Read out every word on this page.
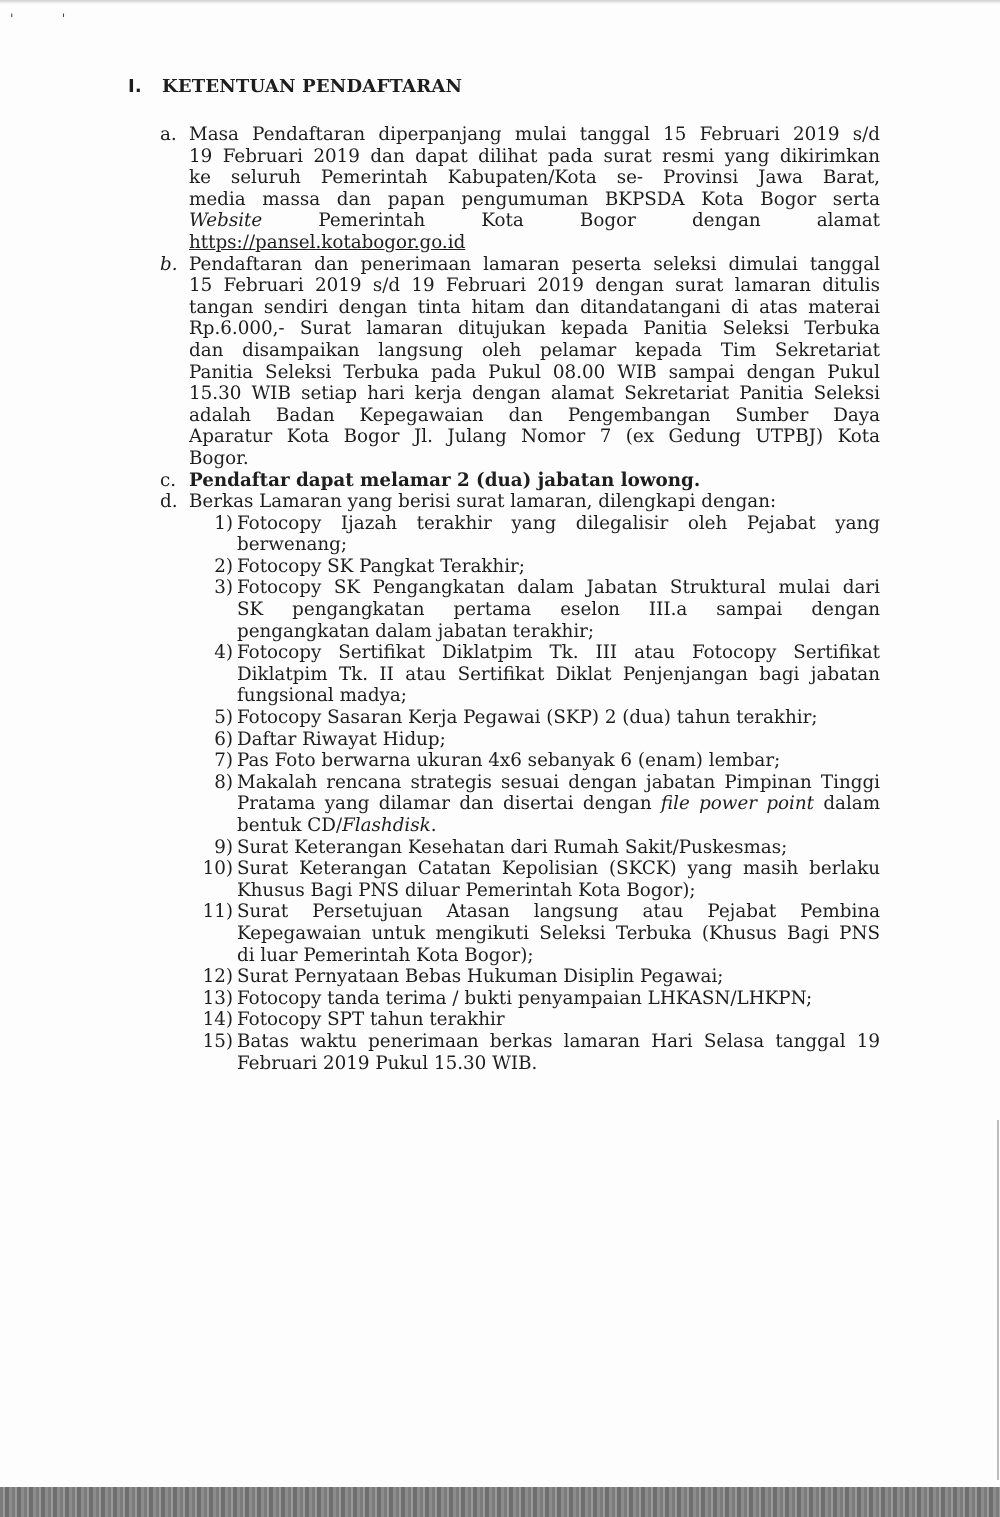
' '
I. KETENTUAN PENDAFTARAN
a. Masa Pendaftaran diperpanjang mulai tanggal 15 Februari 2019 s/d
19 Februari 2019 dan dapat dilihat pada surat resmi yang dikirimkan
ke seluruh Pemerintah Kabupaten/Kota se- Provinsi Jawa Barat,
media massa dan papan pengumuman BKPSDA Kota Bogor serta
Website	Pemerintah Kota Bogor dengan alamat
https://pansel.kotabogor.go.id
b. Pendaftaran dan penerimaan lamaran peserta seleksi dimulai tanggal
15 Februari 2019 s/d 19 Februari 2019 dengan surat lamaran ditulis
tangan sendiri dengan tinta hitam dan ditandatangani di atas materai
Rp.6.000,- Surat lamaran ditujukan kepada Panitia Seleksi Terbuka
dan disampaikan langsung oleh pelamar kepada Tim Sekretariat
Panitia Seleksi Terbuka pada Pukul 08.00 WIB sampai dengan Pukul
15.30 WIB setiap hari kerja dengan alamat Sekretariat Panitia Seleksi
adalah Badan Kepegawaian dan Pengembangan Sumber Daya
Aparatur Kota Bogor Jl. Julang Nomor 7 (ex Gedung UTPBJ) Kota
Bogor.
c. Pendaftar dapat melamar 2 (dua) jabatan lowong.
d. Berkas Lamaran yang berisi surat lamaran, dilengkapi dengan:
1) Fotocopy Ijazah terakhir yang dilegalisir oleh Pejabat yang
berwenang;
2) Fotocopy SK Pangkat Terakhir;
3) Fotocopy SK Pengangkatan dalam Jabatan Struktural mulai dari
SK pengangkatan pertama eselon III.a sampai dengan
pengangkatan dalam jabatan terakhir;
4) Fotocopy Sertifikat Diklatpim Tk. III atau Fotocopy Sertifikat
Diklatpim Tk. II atau Sertifikat Diklat Penjenjangan bagi jabatan
fungsional madya;
5) Fotocopy Sasaran Kerja Pegawai (SKP) 2 (dua) tahun terakhir;
6) Daftar Riwayat Hidup;
7) Pas Foto berwarna ukuran 4x6 sebanyak 6 (enam) lembar;
8) Makalah rencana strategis sesuai dengan jabatan Pimpinan Tinggi
Pratama yang dilamar dan disertai dengan file power point dalam
bentuk CD/Flashdisk.
9) Surat Keterangan Kesehatan dari Rumah Sakit/Puskesmas;
10) Surat Keterangan Catatan Kepolisian (SKCK) yang masih berlaku
Khusus Bagi PNS diluar Pemerintah Kota Bogor);
11) Surat Persetujuan Atasan langsung atau Pejabat Pembina
Kepegawaian untuk mengikuti Seleksi Terbuka (Khusus Bagi PNS
di luar Pemerintah Kota Bogor);
12) Surat Pernyataan Bebas Hukuman Disiplin Pegawai;
13) Fotocopy tanda terima / bukti penyampaian LHKASN/LHKPN;
14) Fotocopy SPT tahun terakhir
15) Batas waktu penerimaan berkas lamaran Hari Selasa tanggal 19
Februari 2019 Pukul 15.30 WIB.
